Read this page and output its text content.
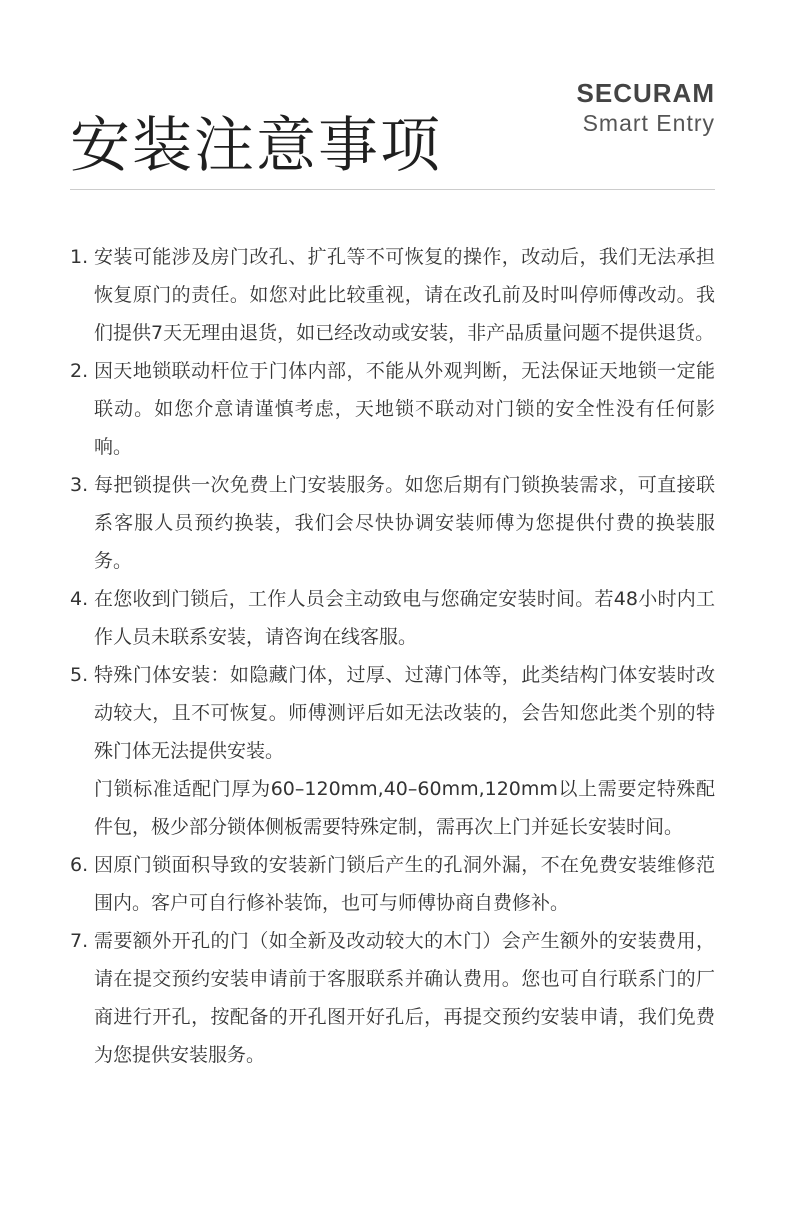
安装注意事项
SECURAM
Smart Entry
1. 安装可能涉及房门改孔、扩孔等不可恢复的操作，改动后，我们无法承担恢复原门的责任。如您对此比较重视，请在改孔前及时叫停师傅改动。我们提供7天无理由退货，如已经改动或安装，非产品质量问题不提供退货。
2. 因天地锁联动杆位于门体内部，不能从外观判断，无法保证天地锁一定能联动。如您介意请谨慎考虑，天地锁不联动对门锁的安全性没有任何影响。
3. 每把锁提供一次免费上门安装服务。如您后期有门锁换装需求，可直接联系客服人员预约换装，我们会尽快协调安装师傅为您提供付费的换装服务。
4. 在您收到门锁后，工作人员会主动致电与您确定安装时间。若48小时内工作人员未联系安装，请咨询在线客服。
5. 特殊门体安装：如隐藏门体，过厚、过薄门体等，此类结构门体安装时改动较大，且不可恢复。师傅测评后如无法改装的，会告知您此类个别的特殊门体无法提供安装。
门锁标准适配门厚为60–120mm,40–60mm,120mm以上需要定特殊配件包，极少部分锁体侧板需要特殊定制，需再次上门并延长安装时间。
6. 因原门锁面积导致的安装新门锁后产生的孔洞外漏，不在免费安装维修范围内。客户可自行修补装饰，也可与师傅协商自费修补。
7. 需要额外开孔的门（如全新及改动较大的木门）会产生额外的安装费用，请在提交预约安装申请前于客服联系并确认费用。您也可自行联系门的厂商进行开孔，按配备的开孔图开好孔后，再提交预约安装申请，我们免费为您提供安装服务。
